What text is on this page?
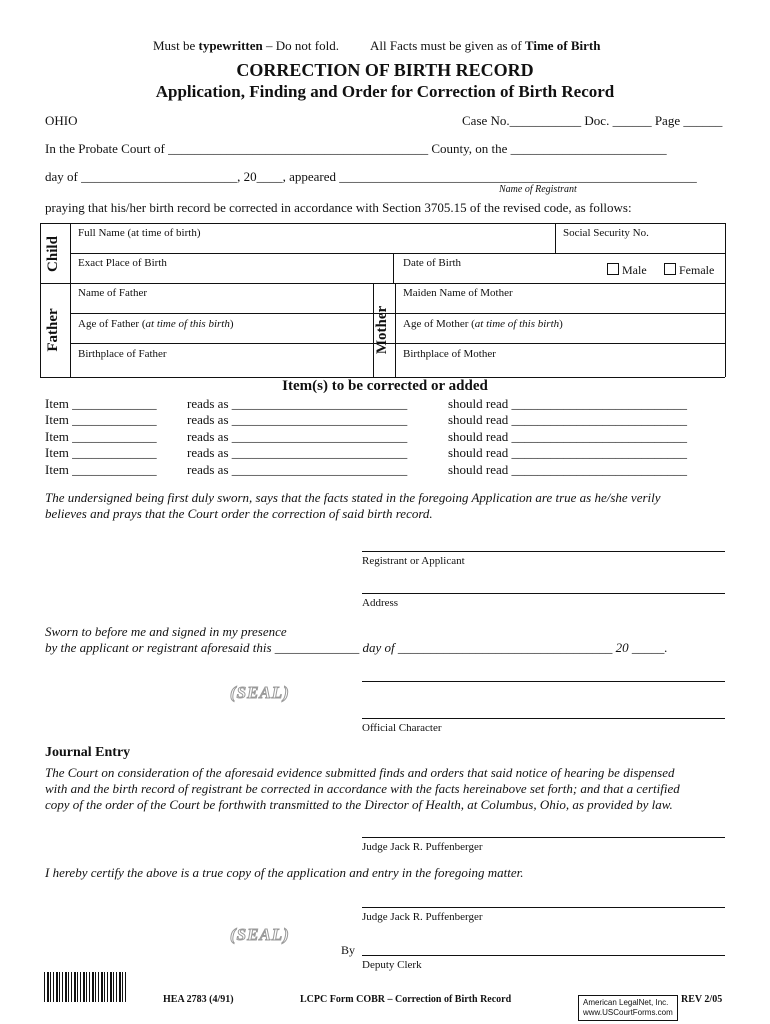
Must be typewritten – Do not fold. All Facts must be given as of Time of Birth
CORRECTION OF BIRTH RECORD
Application, Finding and Order for Correction of Birth Record
OHIO	Case No.___________ Doc. ______ Page ______
In the Probate Court of ________________________________________ County, on the ________________________
day of ________________________, 20____, appeared _______________________________________________________
Name of Registrant
praying that his/her birth record be corrected in accordance with Section 3705.15 of the revised code, as follows:
Child
Father	Mother
Full Name (at time of birth)	Social Security No.
Exact Place of Birth	Date of Birth	Male	Female
Name of Father	Maiden Name of Mother
Age of Father (at time of this birth)	Age of Mother (at time of this birth)
Birthplace of Father	Birthplace of Mother
Item(s) to be corrected or added
Item _____________ reads as ___________________________	should read ___________________________
Item _____________ reads as ___________________________	should read ___________________________
Item _____________ reads as ___________________________	should read ___________________________
Item _____________ reads as ___________________________	should read ___________________________
Item _____________ reads as ___________________________	should read ___________________________
The undersigned being first duly sworn, says that the facts stated in the foregoing Application are true as he/she verily
believes and prays that the Court order the correction of said birth record.
Registrant or Applicant
Address
Sworn to before me and signed in my presence
by the applicant or registrant aforesaid this _____________ day of _________________________________ 20 _____.
(SEAL)
Official Character
Journal Entry
The Court on consideration of the aforesaid evidence submitted finds and orders that said notice of hearing be dispensed
with and the birth record of registrant be corrected in accordance with the facts hereinabove set forth; and that a certified
copy of the order of the Court be forthwith transmitted to the Director of Health, at Columbus, Ohio, as provided by law.
Judge Jack R. Puffenberger
I hereby certify the above is a true copy of the application and entry in the foregoing matter.
Judge Jack R. Puffenberger
(SEAL)
By
Deputy Clerk
HEA 2783 (4/91)	LCPC Form COBR – Correction of Birth Record	American LegalNet, Inc.
www.USCourtForms.com
REV 2/05
